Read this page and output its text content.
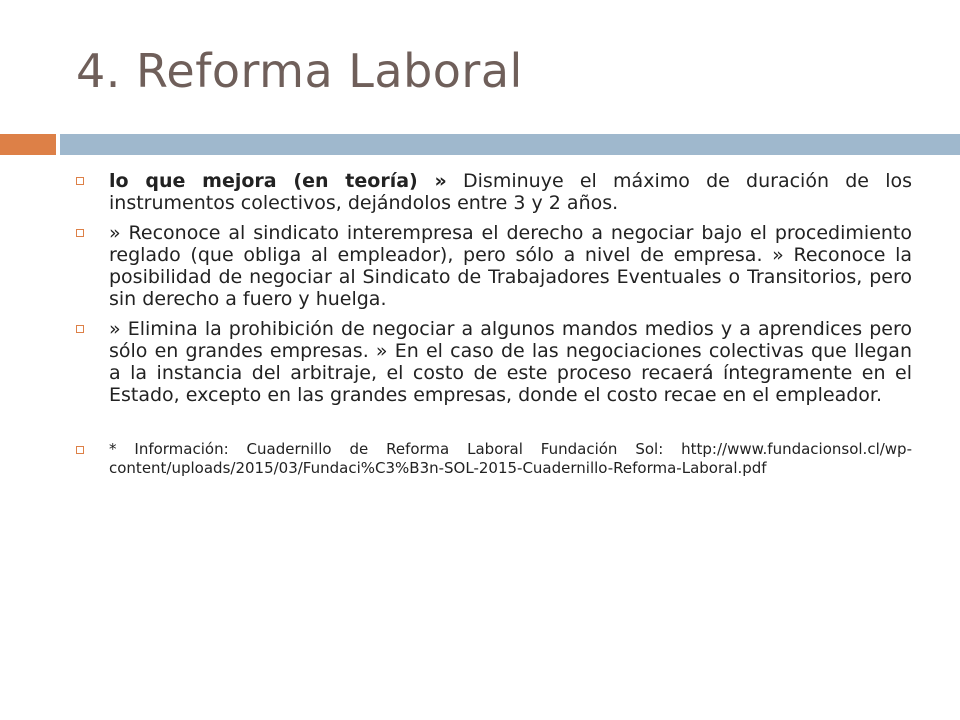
4. Reforma Laboral
lo que mejora (en teoría) » Disminuye el máximo de duración de los instrumentos colectivos, dejándolos entre 3 y 2 años.
» Reconoce al sindicato interempresa el derecho a negociar bajo el procedimiento reglado (que obliga al empleador), pero sólo a nivel de empresa. » Reconoce la posibilidad de negociar al Sindicato de Trabajadores Eventuales o Transitorios, pero sin derecho a fuero y huelga.
» Elimina la prohibición de negociar a algunos mandos medios y a aprendices pero sólo en grandes empresas. » En el caso de las negociaciones colectivas que llegan a la instancia del arbitraje, el costo de este proceso recaerá íntegramente en el Estado, excepto en las grandes empresas, donde el costo recae en el empleador.
* Información: Cuadernillo de Reforma Laboral Fundación Sol: http://www.fundacionsol.cl/wp-content/uploads/2015/03/Fundaci%C3%B3n-SOL-2015-Cuadernillo-Reforma-Laboral.pdf
